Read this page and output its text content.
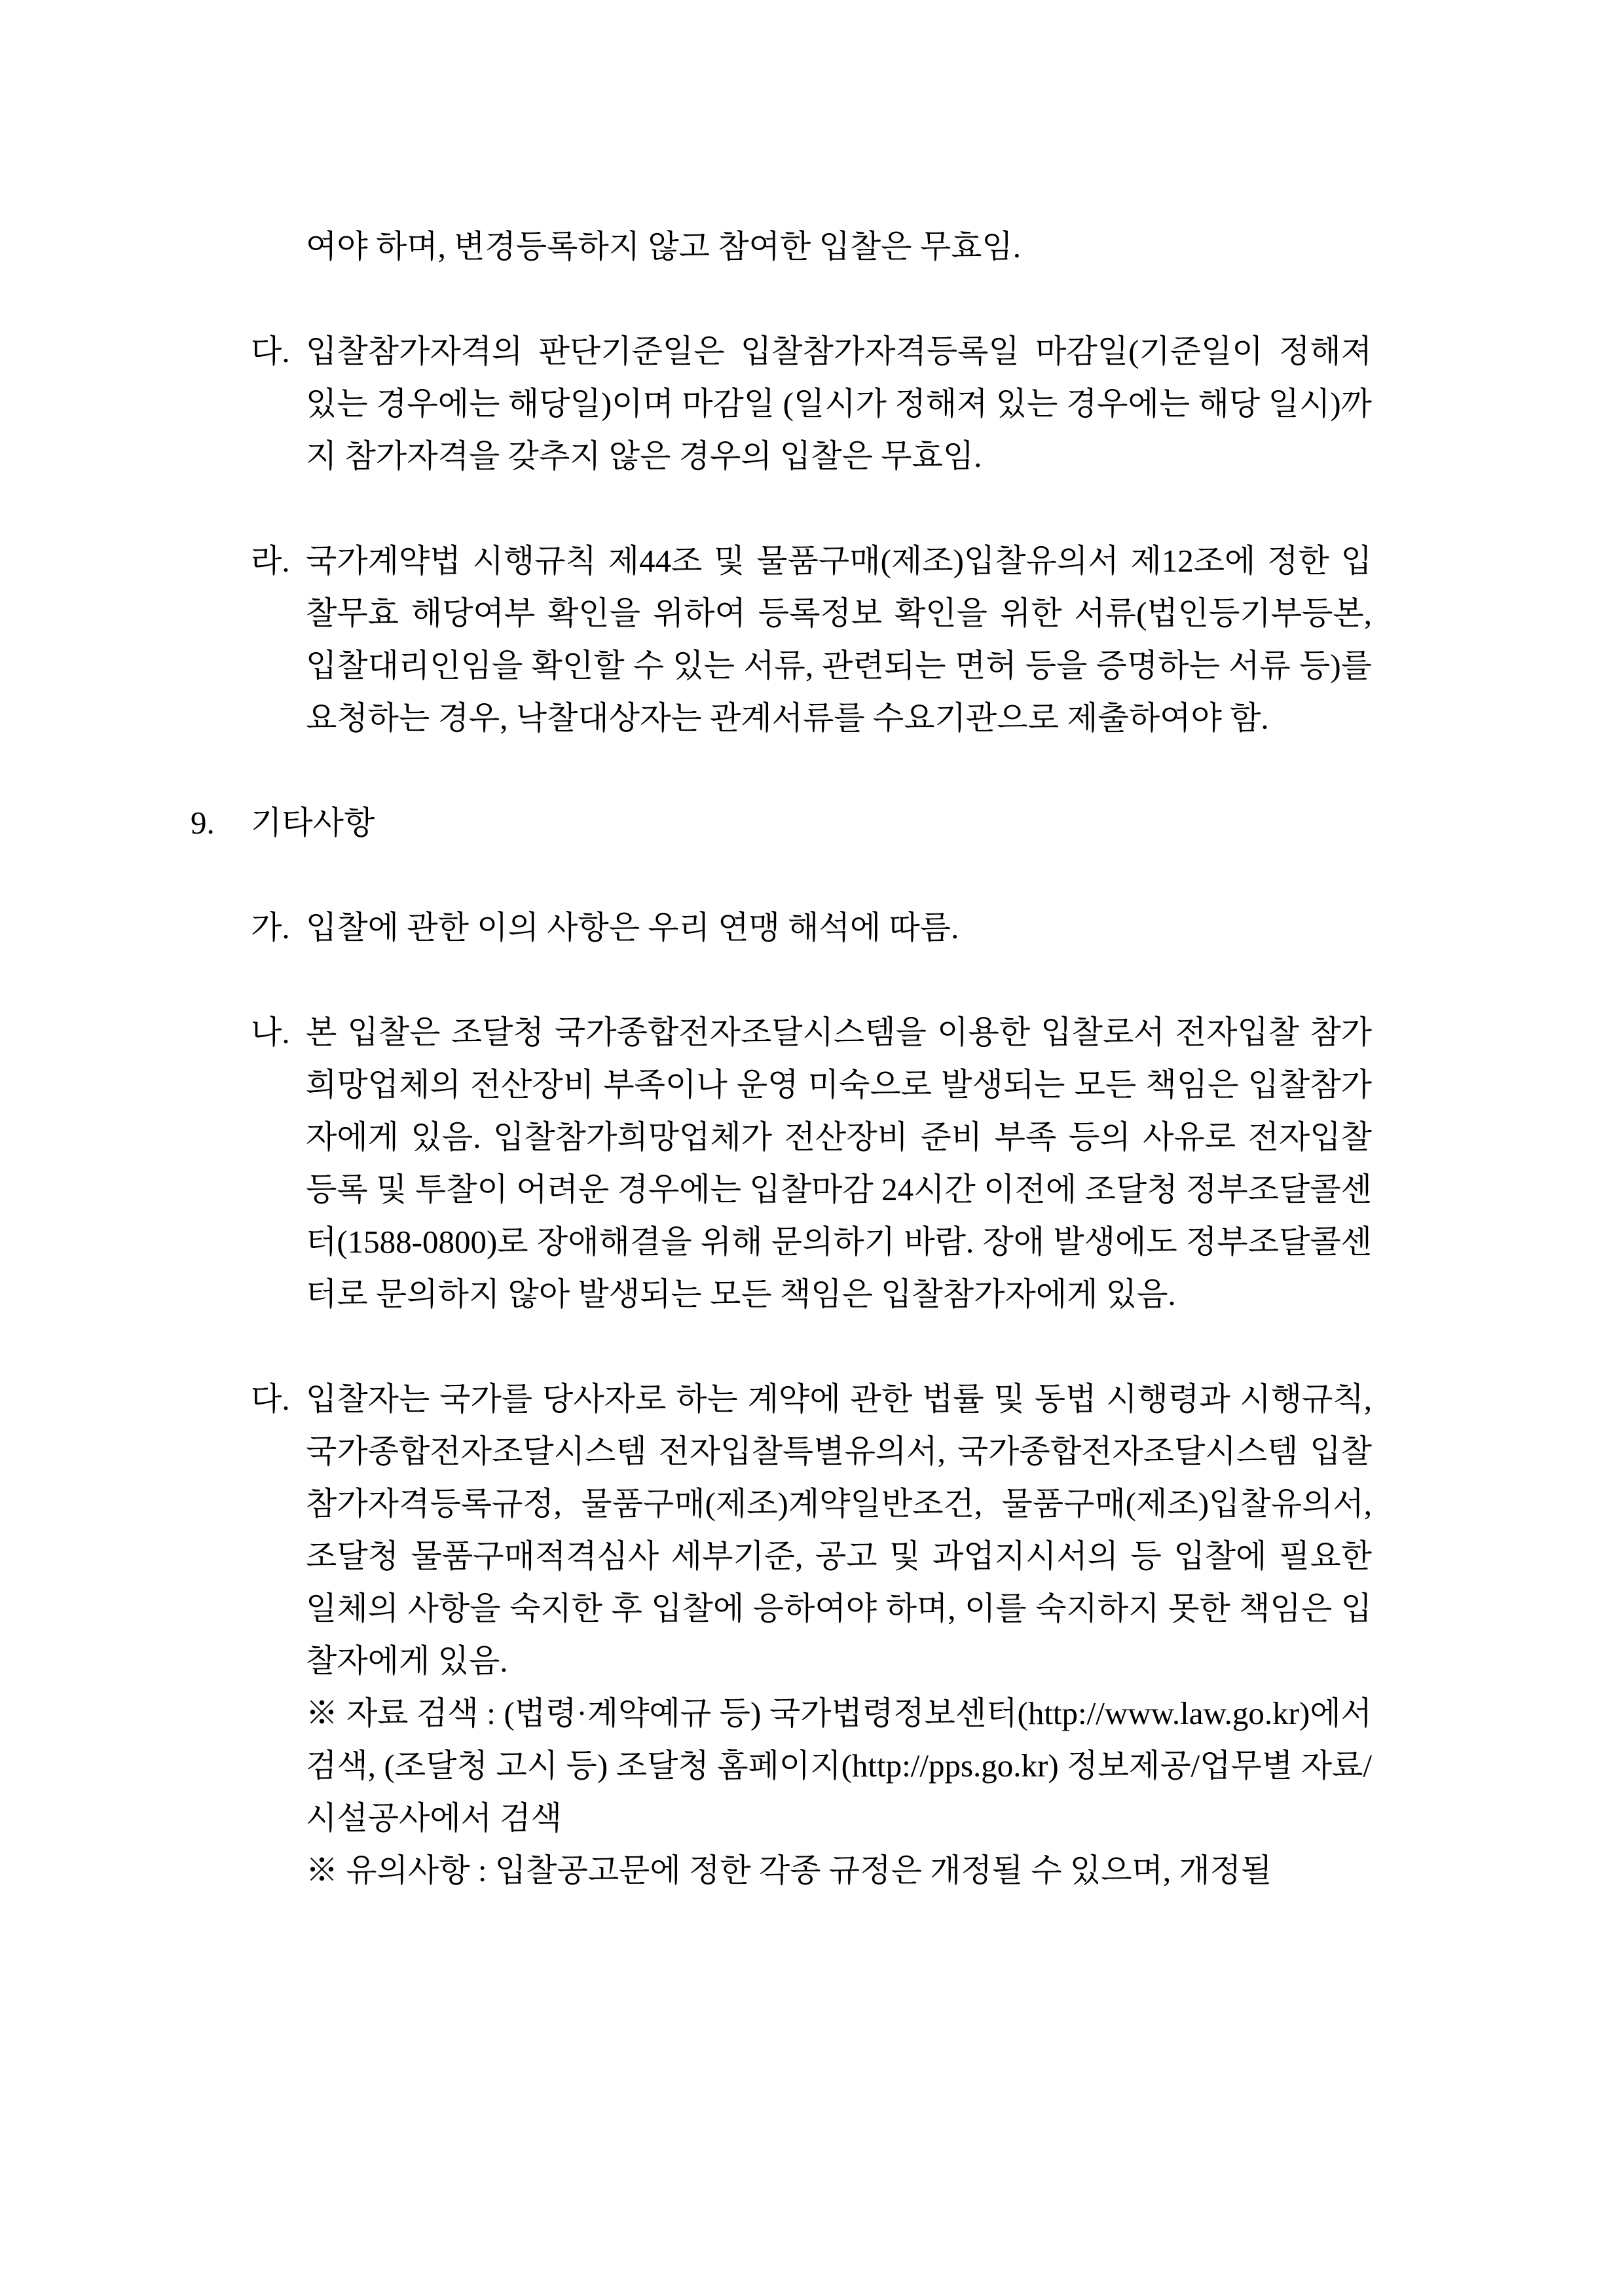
여야 하며, 변경등록하지 않고 참여한 입찰은 무효임.

다. 입찰참가자격의 판단기준일은 입찰참가자격등록일 마감일(기준일이 정해져 있는 경우에는 해당일)이며 마감일 (일시가 정해져 있는 경우에는 해당 일시)까지 참가자격을 갖추지 않은 경우의 입찰은 무효임.

라. 국가계약법 시행규칙 제44조 및 물품구매(제조)입찰유의서 제12조에 정한 입찰무효 해당여부 확인을 위하여 등록정보 확인을 위한 서류(법인등기부등본, 입찰대리인임을 확인할 수 있는 서류, 관련되는 면허 등을 증명하는 서류 등)를 요청하는 경우, 낙찰대상자는 관계서류를 수요기관으로 제출하여야 함.

9.	기타사항
가. 입찰에 관한 이의 사항은 우리 연맹 해석에 따름.

나. 본 입찰은 조달청 국가종합전자조달시스템을 이용한 입찰로서 전자입찰 참가 희망업체의 전산장비 부족이나 운영 미숙으로 발생되는 모든 책임은 입찰참가자에게 있음. 입찰참가희망업체가 전산장비 준비 부족 등의 사유로 전자입찰 등록 및 투찰이 어려운 경우에는 입찰마감 24시간 이전에 조달청 정부조달콜센터(1588-0800)로 장애해결을 위해 문의하기 바람. 장애 발생에도 정부조달콜센터로 문의하지 않아 발생되는 모든 책임은 입찰참가자에게 있음.

다. 입찰자는 국가를 당사자로 하는 계약에 관한 법률 및 동법 시행령과 시행규칙, 국가종합전자조달시스템 전자입찰특별유의서, 국가종합전자조달시스템 입찰참가자격등록규정, 물품구매(제조)계약일반조건, 물품구매(제조)입찰유의서, 조달청 물품구매적격심사 세부기준, 공고 및 과업지시서의 등 입찰에 필요한 일체의 사항을 숙지한 후 입찰에 응하여야 하며, 이를 숙지하지 못한 책임은 입찰자에게 있음.

※ 자료 검색 : (법령·계약예규 등) 국가법령정보센터(http://www.law.go.kr)에서 검색, (조달청 고시 등) 조달청 홈페이지(http://pps.go.kr) 정보제공/업무별 자료/시설공사에서 검색

※ 유의사항 : 입찰공고문에 정한 각종 규정은 개정될 수 있으며, 개정될
